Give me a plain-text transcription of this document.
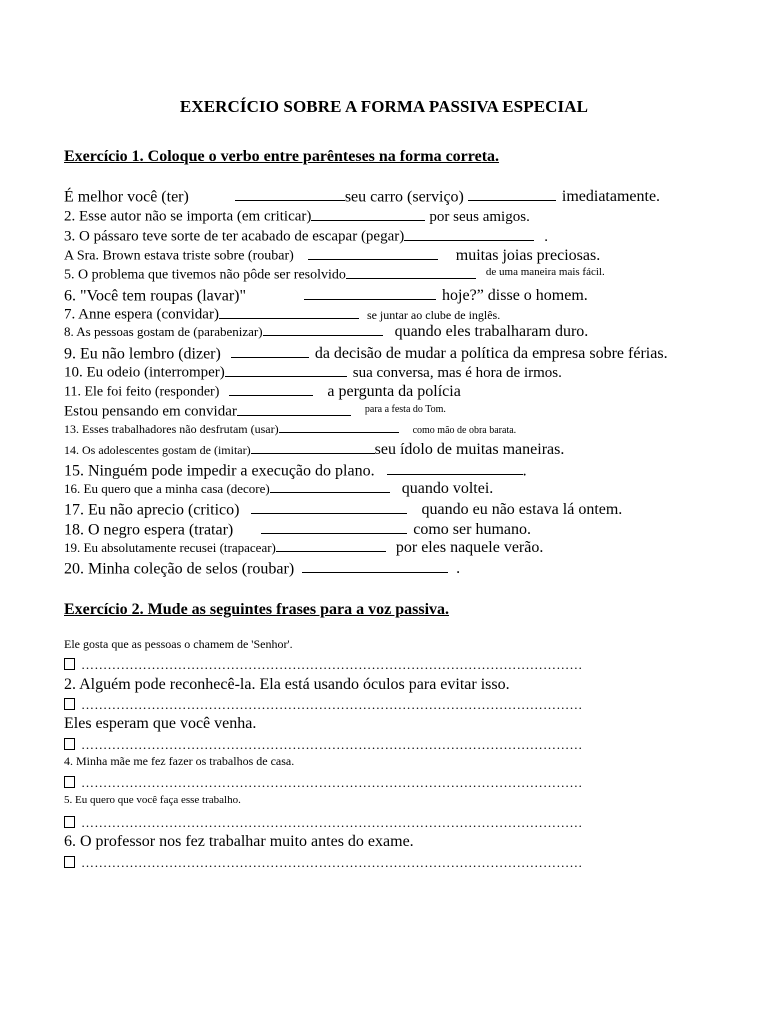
EXERCÍCIO SOBRE A FORMA PASSIVA ESPECIAL
Exercício 1. Coloque o verbo entre parênteses na forma correta.
É melhor você (ter)	seu carro (serviço)	imediatamente.
2. Esse autor não se importa (em criticar)	por seus amigos.
3. O pássaro teve sorte de ter acabado de escapar (pegar)	.
A Sra. Brown estava triste sobre (roubar)	muitas joias preciosas.
5. O problema que tivemos não pôde ser resolvido	$^{de uma maneira mais fácil.}$
6. "Você tem roupas (lavar)"	hoje?” disse o homem.
7. Anne espera (convidar)	se juntar ao clube de inglês.
8. As pessoas gostam de (parabenizar)	quando eles trabalharam duro.
9. Eu não lembro (dizer)	da decisão de mudar a política da empresa sobre férias.
10. Eu odeio (interromper)	sua conversa, mas é hora de irmos.
11. Ele foi feito (responder)	a pergunta da polícia
Estou pensando em convidar	$^{para a festa do Tom.}$
13. Esses trabalhadores não desfrutam (usar)	como mão de obra barata.
14. Os adolescentes gostam de (imitar)	seu ídolo de muitas maneiras.
15. Ninguém pode impedir a execução do plano.	.
16. Eu quero que a minha casa (decore)	quando voltei.
17. Eu não aprecio (critico)	quando eu não estava lá ontem.
18. O negro espera (tratar)	como ser humano.
19. Eu absolutamente recusei (trapacear)	por eles naquele verão.
20. Minha coleção de selos (roubar)	.
Exercício 2. Mude as seguintes frases para a voz passiva.
Ele gosta que as pessoas o chamem de 'Senhor'.
……………………………………………………………………………………………………
2. Alguém pode reconhecê-la. Ela está usando óculos para evitar isso.
……………………………………………………………………………………………………
Eles esperam que você venha.
……………………………………………………………………………………………………
4. Minha mãe me fez fazer os trabalhos de casa.
……………………………………………………………………………………………………
5. Eu quero que você faça esse trabalho.
……………………………………………………………………………………………………
6. O professor nos fez trabalhar muito antes do exame.
……………………………………………………………………………………………………
